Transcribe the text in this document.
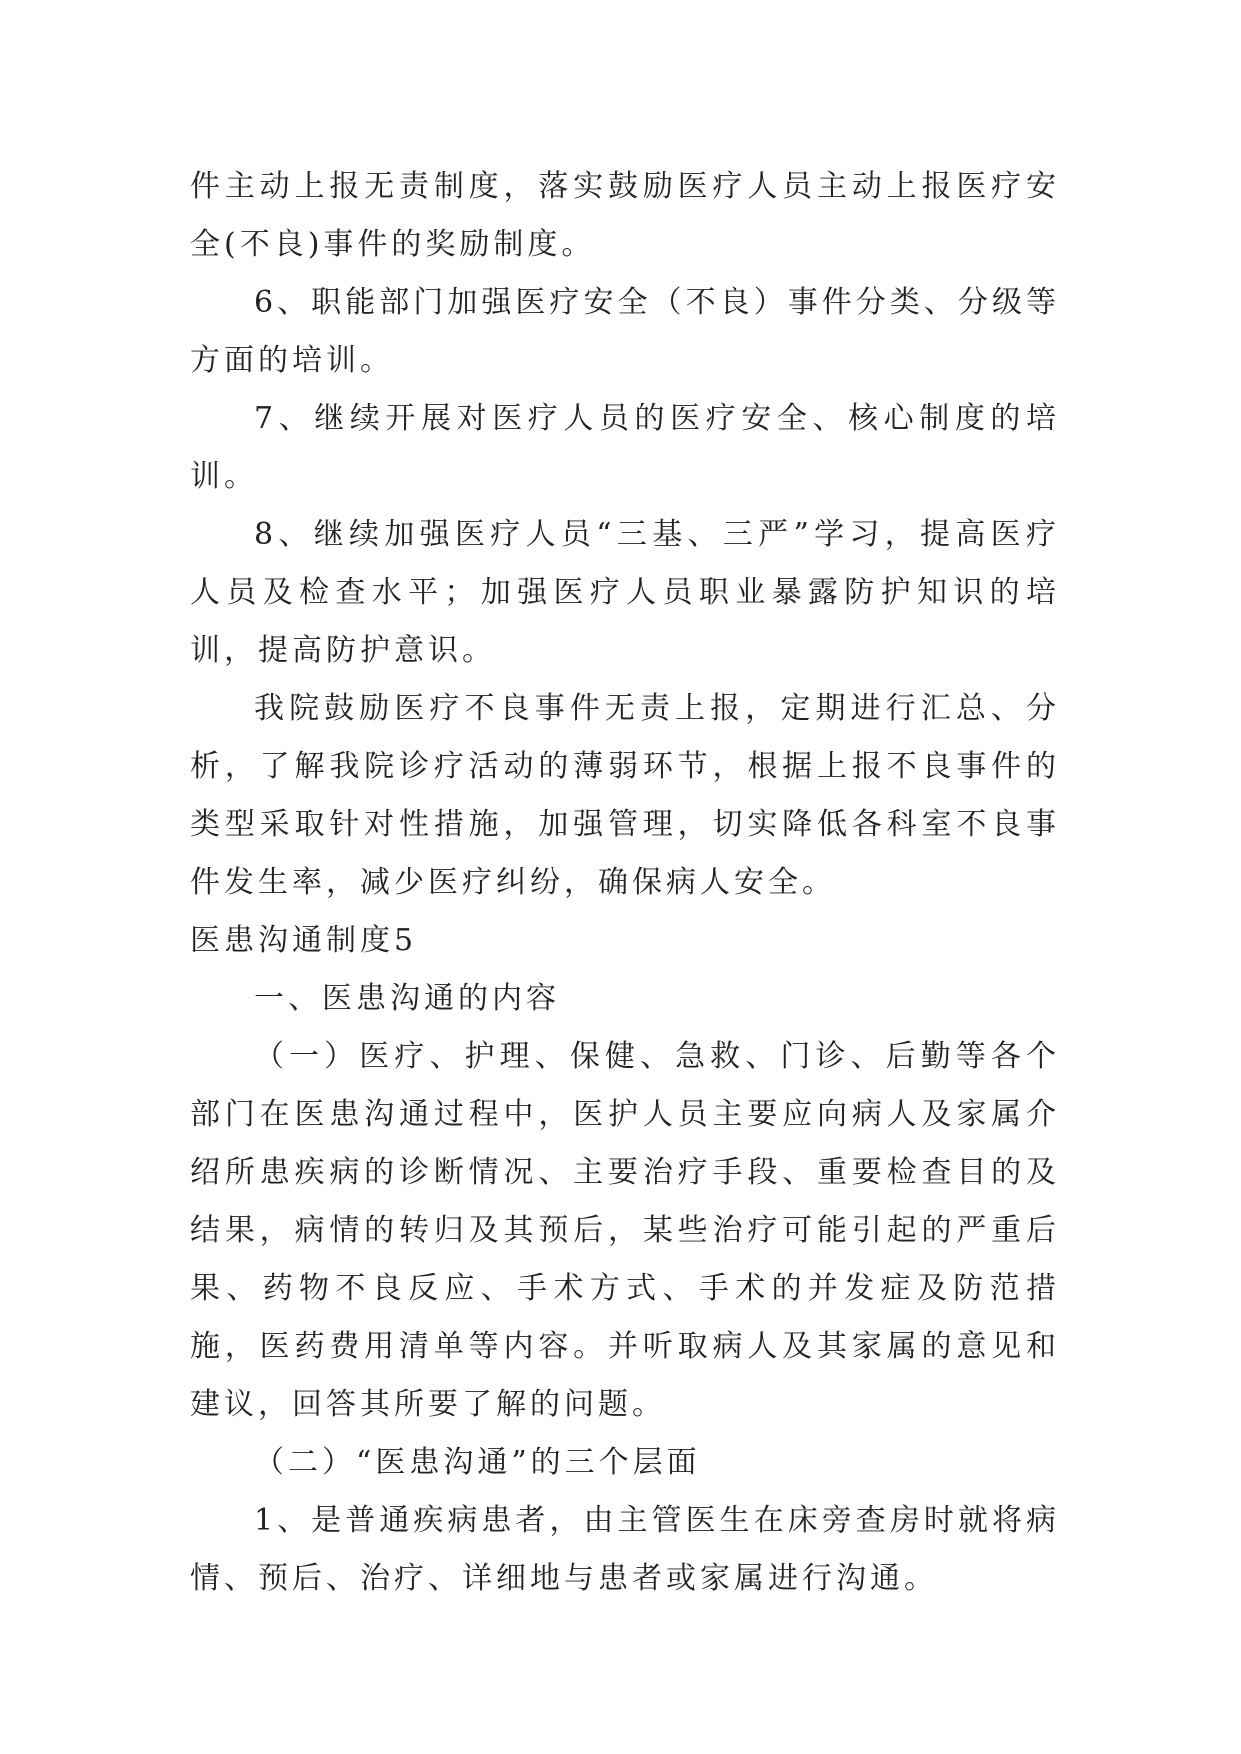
件主动上报无责制度，落实鼓励医疗人员主动上报医疗安全(不良)事件的奖励制度。

6、职能部门加强医疗安全（不良）事件分类、分级等方面的培训。

7、继续开展对医疗人员的医疗安全、核心制度的培训。

8、继续加强医疗人员“三基、三严”学习，提高医疗人员及检查水平；加强医疗人员职业暴露防护知识的培训，提高防护意识。

我院鼓励医疗不良事件无责上报，定期进行汇总、分析，了解我院诊疗活动的薄弱环节，根据上报不良事件的类型采取针对性措施，加强管理，切实降低各科室不良事件发生率，减少医疗纠纷，确保病人安全。

医患沟通制度5

一、医患沟通的内容

（一）医疗、护理、保健、急救、门诊、后勤等各个部门在医患沟通过程中，医护人员主要应向病人及家属介绍所患疾病的诊断情况、主要治疗手段、重要检查目的及结果，病情的转归及其预后，某些治疗可能引起的严重后果、药物不良反应、手术方式、手术的并发症及防范措施，医药费用清单等内容。并听取病人及其家属的意见和建议，回答其所要了解的问题。

（二）“医患沟通”的三个层面

1、是普通疾病患者，由主管医生在床旁查房时就将病情、预后、治疗、详细地与患者或家属进行沟通。
